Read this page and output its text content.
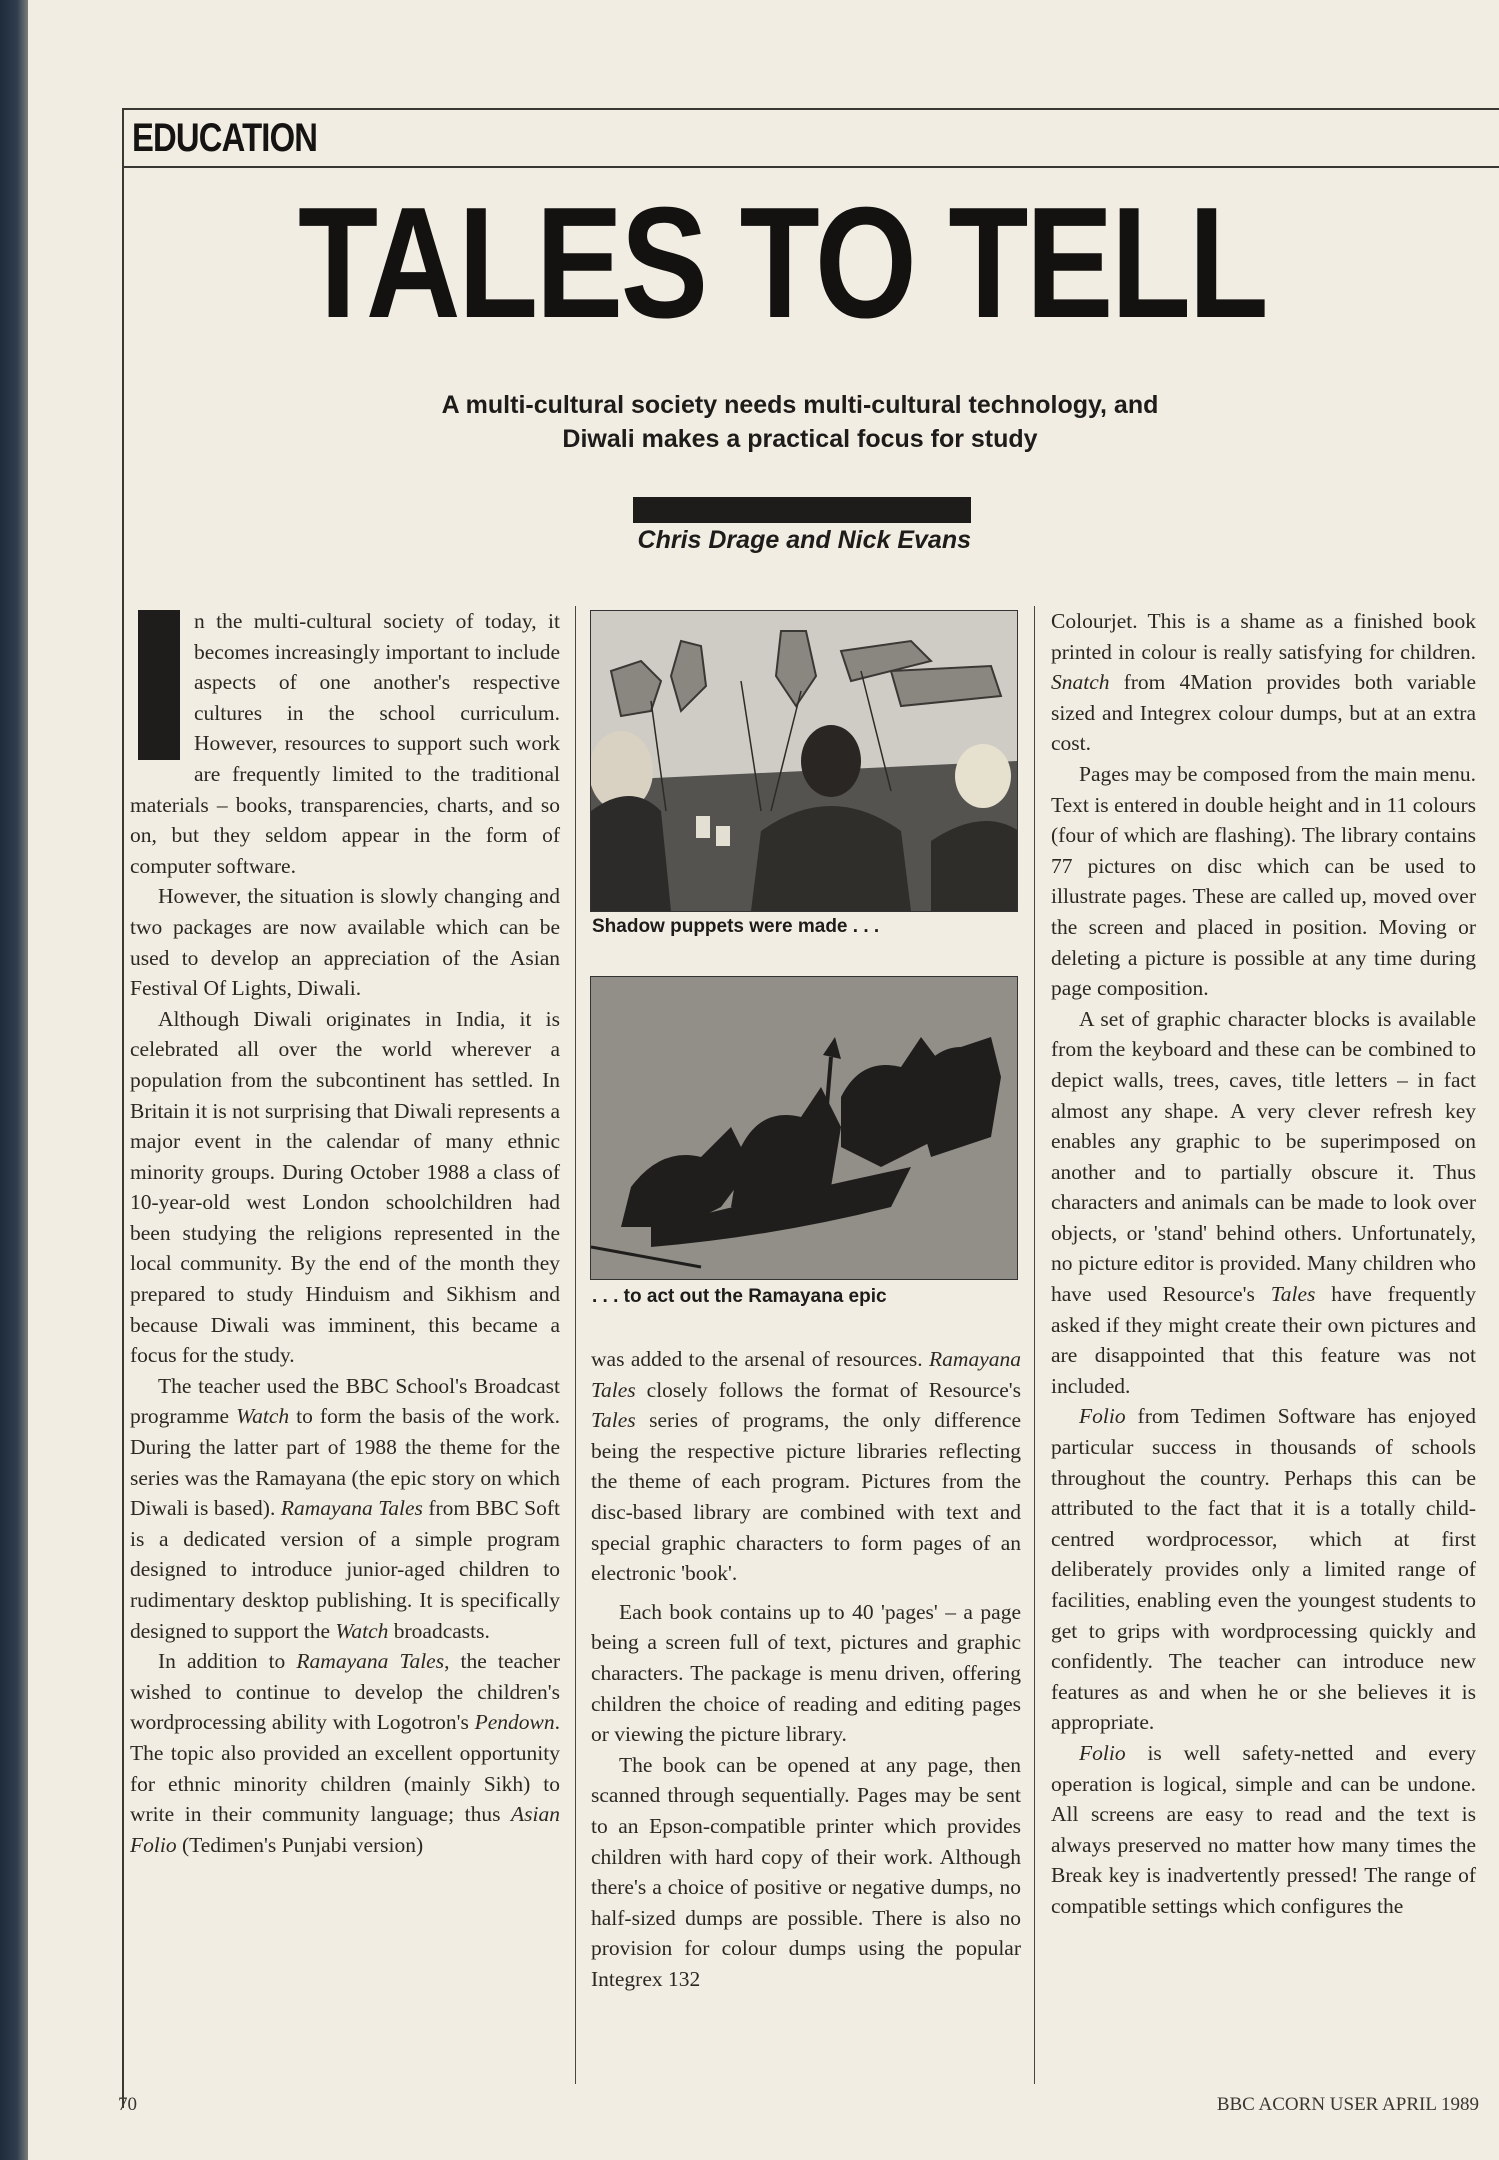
EDUCATION
TALES TO TELL
A multi-cultural society needs multi-cultural technology, and
Diwali makes a practical focus for study
Chris Drage and Nick Evans

n the multi-cultural society of today, it becomes increasingly important to include aspects of one another's respective cultures in the school curriculum. However, resources to support such work are frequently limited to the traditional materials – books, transparencies, charts, and so on, but they seldom appear in the form of computer software.

However, the situation is slowly changing and two packages are now available which can be used to develop an appreciation of the Asian Festival Of Lights, Diwali.

Although Diwali originates in India, it is celebrated all over the world wherever a population from the subcontinent has settled. In Britain it is not surprising that Diwali represents a major event in the calendar of many ethnic minority groups. During October 1988 a class of 10-year-old west London schoolchildren had been studying the religions represented in the local community. By the end of the month they prepared to study Hinduism and Sikhism and because Diwali was imminent, this became a focus for the study.

The teacher used the BBC School's Broadcast programme Watch to form the basis of the work. During the latter part of 1988 the theme for the series was the Ramayana (the epic story on which Diwali is based). Ramayana Tales from BBC Soft is a dedicated version of a simple program designed to introduce junior-aged children to rudimentary desktop publishing. It is specifically designed to support the Watch broadcasts.

In addition to Ramayana Tales, the teacher wished to continue to develop the children's wordprocessing ability with Logotron's Pendown. The topic also provided an excellent opportunity for ethnic minority children (mainly Sikh) to write in their community language; thus Asian Folio (Tedimen's Punjabi version)

Shadow puppets were made . . .
. . . to act out the Ramayana epic

was added to the arsenal of resources. Ramayana Tales closely follows the format of Resource's Tales series of programs, the only difference being the respective picture libraries reflecting the theme of each program. Pictures from the disc-based library are combined with text and special graphic characters to form pages of an electronic 'book'.

Each book contains up to 40 'pages' – a page being a screen full of text, pictures and graphic characters. The package is menu driven, offering children the choice of reading and editing pages or viewing the picture library.

The book can be opened at any page, then scanned through sequentially. Pages may be sent to an Epson-compatible printer which provides children with hard copy of their work. Although there's a choice of positive or negative dumps, no half-sized dumps are possible. There is also no provision for colour dumps using the popular Integrex 132

Colourjet. This is a shame as a finished book printed in colour is really satisfying for children. Snatch from 4Mation provides both variable sized and Integrex colour dumps, but at an extra cost.

Pages may be composed from the main menu. Text is entered in double height and in 11 colours (four of which are flashing). The library contains 77 pictures on disc which can be used to illustrate pages. These are called up, moved over the screen and placed in position. Moving or deleting a picture is possible at any time during page composition.

A set of graphic character blocks is available from the keyboard and these can be combined to depict walls, trees, caves, title letters – in fact almost any shape. A very clever refresh key enables any graphic to be superimposed on another and to partially obscure it. Thus characters and animals can be made to look over objects, or 'stand' behind others. Unfortunately, no picture editor is provided. Many children who have used Resource's Tales have frequently asked if they might create their own pictures and are disappointed that this feature was not included.

Folio from Tedimen Software has enjoyed particular success in thousands of schools throughout the country. Perhaps this can be attributed to the fact that it is a totally child-centred wordprocessor, which at first deliberately provides only a limited range of facilities, enabling even the youngest students to get to grips with wordprocessing quickly and confidently. The teacher can introduce new features as and when he or she believes it is appropriate.

Folio is well safety-netted and every operation is logical, simple and can be undone. All screens are easy to read and the text is always preserved no matter how many times the Break key is inadvertently pressed! The range of compatible settings which configures the

70	BBC ACORN USER APRIL 1989
